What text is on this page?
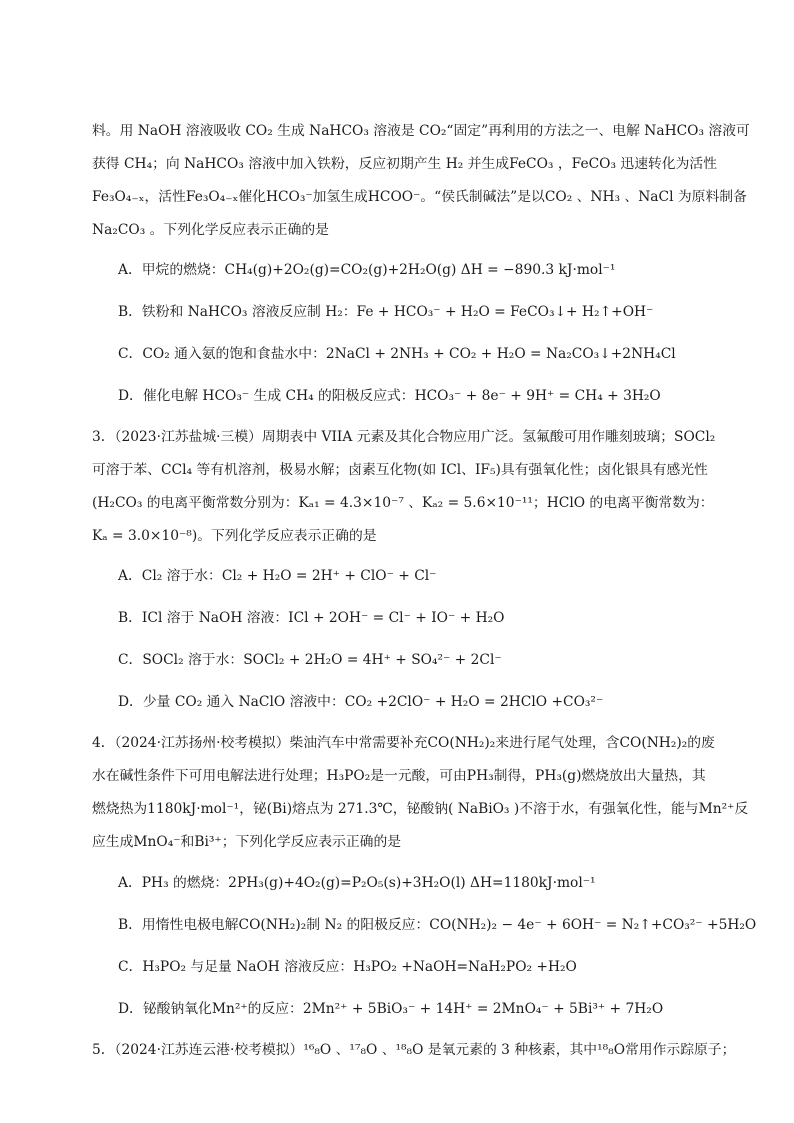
料。用 NaOH 溶液吸收 CO₂ 生成 NaHCO₃ 溶液是 CO₂“固定”再利用的方法之一、电解 NaHCO₃ 溶液可
获得 CH₄；向 NaHCO₃ 溶液中加入铁粉，反应初期产生 H₂ 并生成FeCO₃ ，FeCO₃ 迅速转化为活性
Fe₃O₄₋ₓ，活性Fe₃O₄₋ₓ催化HCO₃⁻加氢生成HCOO⁻。“侯氏制碱法”是以CO₂ 、NH₃ 、NaCl 为原料制备
Na₂CO₃ 。下列化学反应表示正确的是
A．甲烷的燃烧：CH₄(g)+2O₂(g)=CO₂(g)+2H₂O(g) ΔH = −890.3 kJ·mol⁻¹
B．铁粉和 NaHCO₃ 溶液反应制 H₂：Fe + HCO₃⁻ + H₂O = FeCO₃↓+ H₂↑+OH⁻
C．CO₂ 通入氨的饱和食盐水中：2NaCl + 2NH₃ + CO₂ + H₂O = Na₂CO₃↓+2NH₄Cl
D．催化电解 HCO₃⁻ 生成 CH₄ 的阳极反应式：HCO₃⁻ + 8e⁻ + 9H⁺ = CH₄ + 3H₂O
3．（2023·江苏盐城·三模）周期表中 VIIA 元素及其化合物应用广泛。氢氟酸可用作雕刻玻璃；SOCl₂
可溶于苯、CCl₄ 等有机溶剂，极易水解；卤素互化物(如 ICl、IF₅)具有强氧化性；卤化银具有感光性
(H₂CO₃ 的电离平衡常数分别为：Kₐ₁ = 4.3×10⁻⁷ 、Kₐ₂ = 5.6×10⁻¹¹；HClO 的电离平衡常数为：
Kₐ = 3.0×10⁻⁸)。下列化学反应表示正确的是
A．Cl₂ 溶于水：Cl₂ + H₂O = 2H⁺ + ClO⁻ + Cl⁻
B．ICl 溶于 NaOH 溶液：ICl + 2OH⁻ = Cl⁻ + IO⁻ + H₂O
C．SOCl₂ 溶于水：SOCl₂ + 2H₂O = 4H⁺ + SO₄²⁻ + 2Cl⁻
D．少量 CO₂ 通入 NaClO 溶液中：CO₂ +2ClO⁻ + H₂O = 2HClO +CO₃²⁻
4．（2024·江苏扬州·校考模拟）柴油汽车中常需要补充CO(NH₂)₂来进行尾气处理，含CO(NH₂)₂的废
水在碱性条件下可用电解法进行处理；H₃PO₂是一元酸，可由PH₃制得，PH₃(g)燃烧放出大量热，其
燃烧热为1180kJ·mol⁻¹，铋(Bi)熔点为 271.3℃，铋酸钠( NaBiO₃ )不溶于水，有强氧化性，能与Mn²⁺反
应生成MnO₄⁻和Bi³⁺；下列化学反应表示正确的是
A．PH₃ 的燃烧：2PH₃(g)+4O₂(g)=P₂O₅(s)+3H₂O(l) ΔH=1180kJ·mol⁻¹
B．用惰性电极电解CO(NH₂)₂制 N₂ 的阳极反应：CO(NH₂)₂ − 4e⁻ + 6OH⁻ = N₂↑+CO₃²⁻ +5H₂O
C．H₃PO₂ 与足量 NaOH 溶液反应：H₃PO₂ +NaOH=NaH₂PO₂ +H₂O
D．铋酸钠氧化Mn²⁺的反应：2Mn²⁺ + 5BiO₃⁻ + 14H⁺ = 2MnO₄⁻ + 5Bi³⁺ + 7H₂O
5．（2024·江苏连云港·校考模拟）¹⁶₈O 、¹⁷₈O 、¹⁸₈O 是氧元素的 3 种核素，其中¹⁸₈O常用作示踪原子；
